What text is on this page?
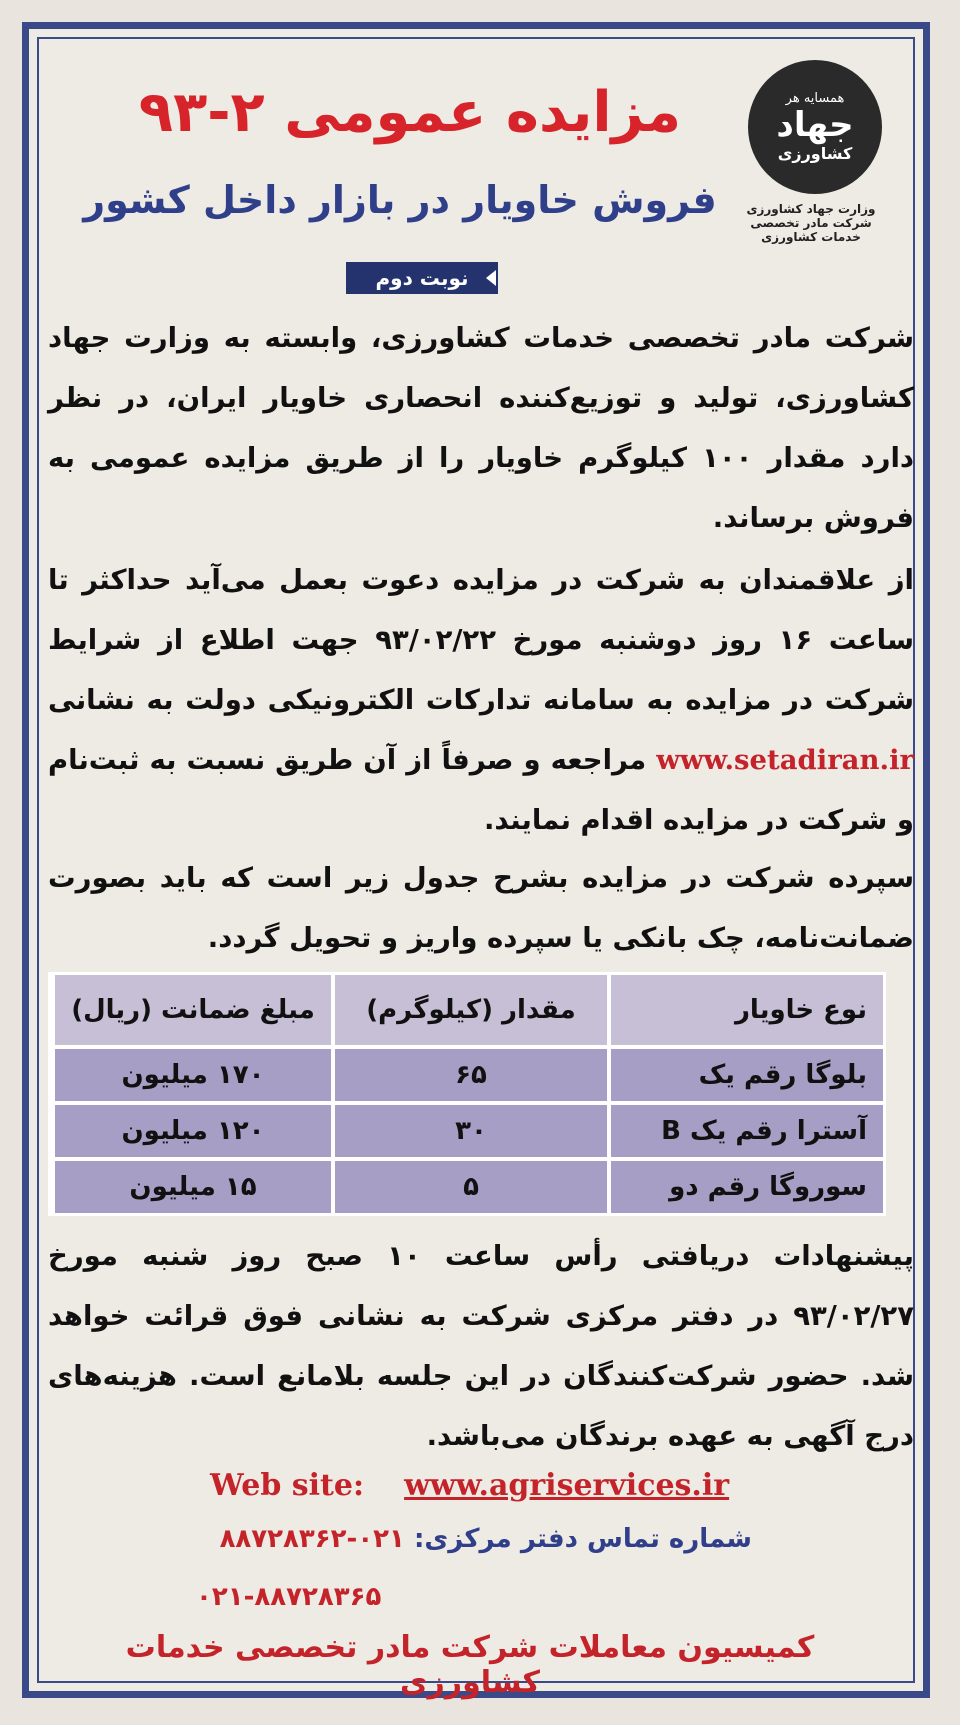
همسایه هر
جهاد
کشاورزی
وزارت جهاد کشاورزی
شرکت مادر تخصصی
خدمات کشاورزی
مزایده عمومی ۲-۹۳
فروش خاویار در بازار داخل کشور
نوبت دوم
شرکت مادر تخصصی خدمات کشاورزی، وابسته به وزارت جهاد کشاورزی، تولید و توزیع‌کننده انحصاری خاویار ایران، در نظر دارد مقدار ۱۰۰ کیلوگرم خاویار را از طریق مزایده عمومی به فروش برساند.
از علاقمندان به شرکت در مزایده دعوت بعمل می‌آید حداکثر تا ساعت ۱۶ روز دوشنبه مورخ ۹۳/۰۲/۲۲ جهت اطلاع از شرایط شرکت در مزایده به سامانه تدارکات الکترونیکی دولت به نشانی www.setadiran.ir مراجعه و صرفاً از آن طریق نسبت به ثبت‌نام و شرکت در مزایده اقدام نمایند.
سپرده شرکت در مزایده بشرح جدول زیر است که باید بصورت ضمانت‌نامه، چک بانکی یا سپرده واریز و تحویل گردد.
نوع خاویار
مقدار (کیلوگرم)
مبلغ ضمانت (ریال)
بلوگا رقم یک
۶۵
۱۷۰ میلیون
آسترا رقم یک B
۳۰
۱۲۰ میلیون
سوروگا رقم دو
۵
۱۵ میلیون
پیشنهادات دریافتی رأس ساعت ۱۰ صبح روز شنبه مورخ ۹۳/۰۲/۲۷ در دفتر مرکزی شرکت به نشانی فوق قرائت خواهد شد. حضور شرکت‌کنندگان در این جلسه بلامانع است. هزینه‌های درج آگهی به عهده برندگان می‌باشد.
Web site: www.agriservices.ir
شماره تماس دفتر مرکزی: ۰۲۱-۸۸۷۲۸۳۶۲
۰۲۱-۸۸۷۲۸۳۶۵
کمیسیون معاملات شرکت مادر تخصصی خدمات کشاورزی
